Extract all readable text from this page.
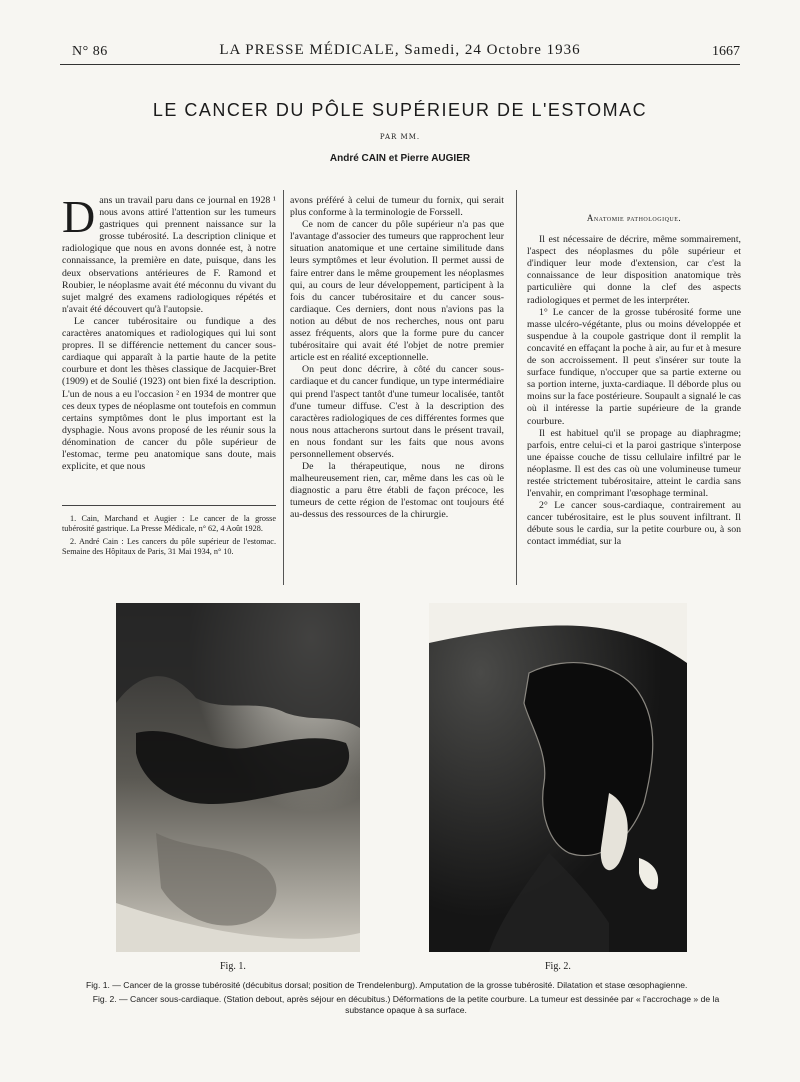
N° 86	LA PRESSE MÉDICALE, Samedi, 24 Octobre 1936	1667
LE CANCER DU PÔLE SUPÉRIEUR DE L'ESTOMAC
PAR MM.
André CAIN et Pierre AUGIER

Dans un travail paru dans ce journal en 1928 ¹ nous avons attiré l'attention sur les tumeurs gastriques qui prennent naissance sur la grosse tubérosité. La description clinique et radiologique que nous en avons donnée est, à notre connaissance, la première en date, puisque, dans les deux observations antérieures de F. Ramond et Roubier, le néoplasme avait été méconnu du vivant du sujet malgré des examens radiologiques répétés et n'avait été découvert qu'à l'autopsie.

Le cancer tubérositaire ou fundique a des caractères anatomiques et radiologiques qui lui sont propres. Il se différencie nettement du cancer sous-cardiaque qui apparaît à la partie haute de la petite courbure et dont les thèses classique de Jacquier-Bret (1909) et de Soulié (1923) ont bien fixé la description. L'un de nous a eu l'occasion ² en 1934 de montrer que ces deux types de néoplasme ont toutefois en commun certains symptômes dont le plus important est la dysphagie. Nous avons proposé de les réunir sous la dénomination de cancer du pôle supérieur de l'estomac, terme peu anatomique sans doute, mais explicite, et que nous

1. Cain, Marchand et Augier : Le cancer de la grosse tubérosité gastrique. La Presse Médicale, n° 62, 4 Août 1928.

2. André Cain : Les cancers du pôle supérieur de l'estomac. Semaine des Hôpitaux de Paris, 31 Mai 1934, n° 10.

avons préféré à celui de tumeur du fornix, qui serait plus conforme à la terminologie de Forssell.

Ce nom de cancer du pôle supérieur n'a pas que l'avantage d'associer des tumeurs que rapprochent leur situation anatomique et une certaine similitude dans leurs symptômes et leur évolution. Il permet aussi de faire entrer dans le même groupement les néoplasmes qui, au cours de leur développement, participent à la fois du cancer tubérositaire et du cancer sous-cardiaque. Ces derniers, dont nous n'avions pas la notion au début de nos recherches, nous ont paru assez fréquents, alors que la forme pure du cancer tubérositaire qui avait été l'objet de notre premier article est en réalité exceptionnelle.

On peut donc décrire, à côté du cancer sous-cardiaque et du cancer fundique, un type intermédiaire qui prend l'aspect tantôt d'une tumeur localisée, tantôt d'une tumeur diffuse. C'est à la description des caractères radiologiques de ces différentes formes que nous nous attacherons surtout dans le présent travail, en nous fondant sur les faits que nous avons personnellement observés.

De la thérapeutique, nous ne dirons malheureusement rien, car, même dans les cas où le diagnostic a paru être établi de façon précoce, les tumeurs de cette région de l'estomac ont toujours été au-dessus des ressources de la chirurgie.

Anatomie pathologique.

Il est nécessaire de décrire, même sommairement, l'aspect des néoplasmes du pôle supérieur et d'indiquer leur mode d'extension, car c'est la connaissance de leur disposition anatomique très particulière qui donne la clef des aspects radiologiques et permet de les interpréter.

1° Le cancer de la grosse tubérosité forme une masse ulcéro-végétante, plus ou moins développée et suspendue à la coupole gastrique dont il remplit la concavité en effaçant la poche à air, au fur et à mesure de son accroissement. Il peut s'insérer sur toute la surface fundique, n'occuper que sa partie externe ou sa portion interne, juxta-cardiaque. Il déborde plus ou moins sur la face postérieure. Soupault a signalé le cas où il intéresse la partie supérieure de la grande courbure.

Il est habituel qu'il se propage au diaphragme; parfois, entre celui-ci et la paroi gastrique s'interpose une épaisse couche de tissu cellulaire infiltré par le néoplasme. Il est des cas où une volumineuse tumeur restée strictement tubérositaire, atteint le cardia sans l'envahir, en comprimant l'œsophage terminal.

2° Le cancer sous-cardiaque, contrairement au cancer tubérositaire, est le plus souvent infiltrant. Il débute sous le cardia, sur la petite courbure ou, à son contact immédiat, sur la

Fig. 1.	Fig. 2.
Fig. 1. — Cancer de la grosse tubérosité (décubitus dorsal; position de Trendelenburg). Amputation de la grosse tubérosité. Dilatation et stase œsophagienne.
Fig. 2. — Cancer sous-cardiaque. (Station debout, après séjour en décubitus.) Déformations de la petite courbure. La tumeur est dessinée par « l'accrochage » de la substance opaque à sa surface.
